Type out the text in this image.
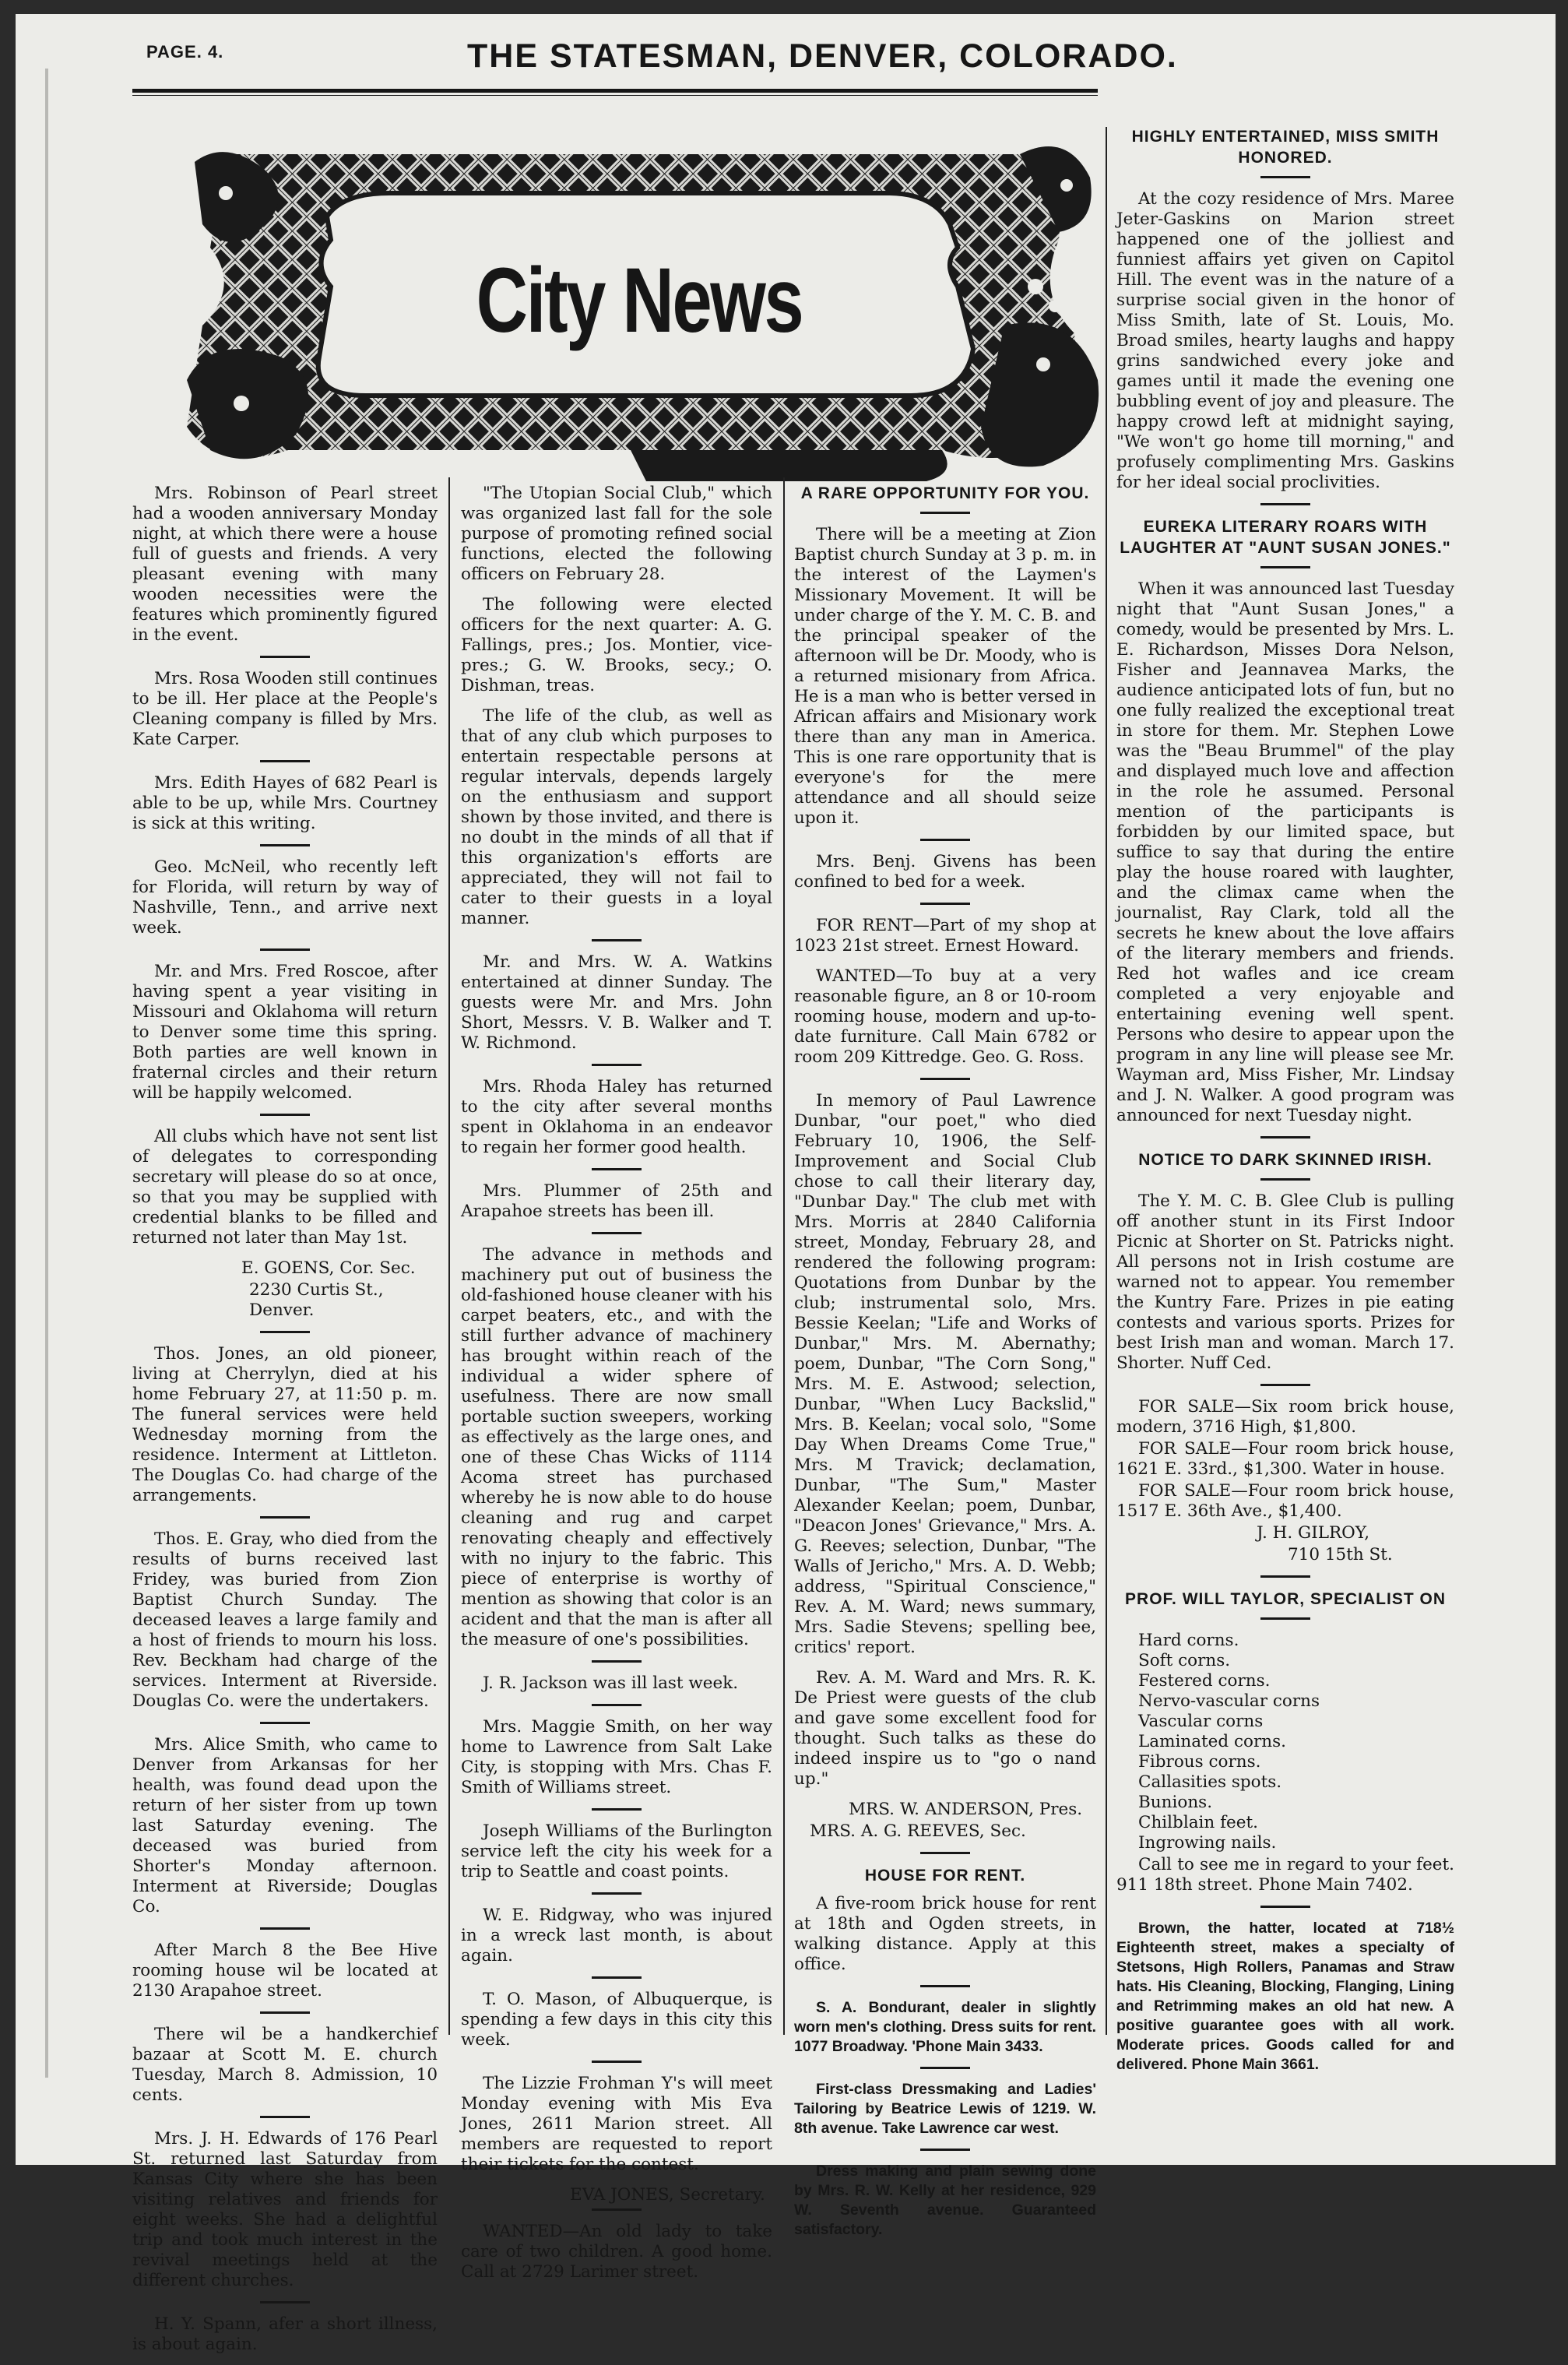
PAGE. 4.	THE STATESMAN, DENVER, COLORADO.
City News

Mrs. Robinson of Pearl street had a wooden anniversary Monday night, at which there were a house full of guests and friends. A very pleasant evening with many wooden necessities were the features which prominently figured in the event.

Mrs. Rosa Wooden still continues to be ill. Her place at the People's Cleaning company is filled by Mrs. Kate Carper.

Mrs. Edith Hayes of 682 Pearl is able to be up, while Mrs. Courtney is sick at this writing.

Geo. McNeil, who recently left for Florida, will return by way of Nashville, Tenn., and arrive next week.

Mr. and Mrs. Fred Roscoe, after having spent a year visiting in Missouri and Oklahoma will return to Denver some time this spring. Both parties are well known in fraternal circles and their return will be happily welcomed.

All clubs which have not sent list of delegates to corresponding secretary will please do so at once, so that you may be supplied with credential blanks to be filled and returned not later than May 1st.

E. GOENS, Cor. Sec.

2230 Curtis St., Denver.

Thos. Jones, an old pioneer, living at Cherrylyn, died at his home February 27, at 11:50 p. m. The funeral services were held Wednesday morning from the residence. Interment at Littleton. The Douglas Co. had charge of the arrangements.

Thos. E. Gray, who died from the results of burns received last Fridey, was buried from Zion Baptist Church Sunday. The deceased leaves a large family and a host of friends to mourn his loss. Rev. Beckham had charge of the services. Interment at Riverside. Douglas Co. were the undertakers.

Mrs. Alice Smith, who came to Denver from Arkansas for her health, was found dead upon the return of her sister from up town last Saturday evening. The deceased was buried from Shorter's Monday afternoon. Interment at Riverside; Douglas Co.

After March 8 the Bee Hive rooming house wil be located at 2130 Arapahoe street.

There wil be a handkerchief bazaar at Scott M. E. church Tuesday, March 8. Admission, 10 cents.

Mrs. J. H. Edwards of 176 Pearl St. returned last Saturday from Kansas City where she has been visiting relatives and friends for eight weeks. She had a delightful trip and took much interest in the revival meetings held at the different churches.

H. Y. Spann, afer a short illness, is about again.

"The Utopian Social Club," which was organized last fall for the sole purpose of promoting refined social functions, elected the following officers on February 28.

The following were elected officers for the next quarter: A. G. Fallings, pres.; Jos. Montier, vice-pres.; G. W. Brooks, secy.; O. Dishman, treas.

The life of the club, as well as that of any club which purposes to entertain respectable persons at regular intervals, depends largely on the enthusiasm and support shown by those invited, and there is no doubt in the minds of all that if this organization's efforts are appreciated, they will not fail to cater to their guests in a loyal manner.

Mr. and Mrs. W. A. Watkins entertained at dinner Sunday. The guests were Mr. and Mrs. John Short, Messrs. V. B. Walker and T. W. Richmond.

Mrs. Rhoda Haley has returned to the city after several months spent in Oklahoma in an endeavor to regain her former good health.

Mrs. Plummer of 25th and Arapahoe streets has been ill.

The advance in methods and machinery put out of business the old-fashioned house cleaner with his carpet beaters, etc., and with the still further advance of machinery has brought within reach of the individual a wider sphere of usefulness. There are now small portable suction sweepers, working as effectively as the large ones, and one of these Chas Wicks of 1114 Acoma street has purchased whereby he is now able to do house cleaning and rug and carpet renovating cheaply and effectively with no injury to the fabric. This piece of enterprise is worthy of mention as showing that color is an acident and that the man is after all the measure of one's possibilities.

J. R. Jackson was ill last week.

Mrs. Maggie Smith, on her way home to Lawrence from Salt Lake City, is stopping with Mrs. Chas F. Smith of Williams street.

Joseph Williams of the Burlington service left the city his week for a trip to Seattle and coast points.

W. E. Ridgway, who was injured in a wreck last month, is about again.

T. O. Mason, of Albuquerque, is spending a few days in this city this week.

The Lizzie Frohman Y's will meet Monday evening with Mis Eva Jones, 2611 Marion street. All members are requested to report their tickets for the contest.

EVA JONES, Secretary.

WANTED—An old lady to take care of two children. A good home. Call at 2729 Larimer street.

A RARE OPPORTUNITY FOR YOU.

There will be a meeting at Zion Baptist church Sunday at 3 p. m. in the interest of the Laymen's Missionary Movement. It will be under charge of the Y. M. C. B. and the principal speaker of the afternoon will be Dr. Moody, who is a returned misionary from Africa. He is a man who is better versed in African affairs and Misionary work there than any man in America. This is one rare opportunity that is everyone's for the mere attendance and all should seize upon it.

Mrs. Benj. Givens has been confined to bed for a week.

FOR RENT—Part of my shop at 1023 21st street. Ernest Howard.

WANTED—To buy at a very reasonable figure, an 8 or 10-room rooming house, modern and up-to-date furniture. Call Main 6782 or room 209 Kittredge. Geo. G. Ross.

In memory of Paul Lawrence Dunbar, "our poet," who died February 10, 1906, the Self-Improvement and Social Club chose to call their literary day, "Dunbar Day." The club met with Mrs. Morris at 2840 California street, Monday, February 28, and rendered the following program: Quotations from Dunbar by the club; instrumental solo, Mrs. Bessie Keelan; "Life and Works of Dunbar," Mrs. M. Abernathy; poem, Dunbar, "The Corn Song," Mrs. M. E. Astwood; selection, Dunbar, "When Lucy Backslid," Mrs. B. Keelan; vocal solo, "Some Day When Dreams Come True," Mrs. M Travick; declamation, Dunbar, "The Sum," Master Alexander Keelan; poem, Dunbar, "Deacon Jones' Grievance," Mrs. A. G. Reeves; selection, Dunbar, "The Walls of Jericho," Mrs. A. D. Webb; address, "Spiritual Conscience," Rev. A. M. Ward; news summary, Mrs. Sadie Stevens; spelling bee, critics' report.

Rev. A. M. Ward and Mrs. R. K. De Priest were guests of the club and gave some excellent food for thought. Such talks as these do indeed inspire us to "go o nand up."

MRS. W. ANDERSON, Pres.

MRS. A. G. REEVES, Sec.

HOUSE FOR RENT.

A five-room brick house for rent at 18th and Ogden streets, in walking distance. Apply at this office.

S. A. Bondurant, dealer in slightly worn men's clothing. Dress suits for rent. 1077 Broadway. 'Phone Main 3433.

First-class Dressmaking and Ladies' Tailoring by Beatrice Lewis of 1219. W. 8th avenue. Take Lawrence car west.

Dress making and plain sewing done by Mrs. R. W. Kelly at her residence, 929 W. Seventh avenue. Guaranteed satisfactory.

HIGHLY ENTERTAINED, MISS SMITH HONORED.

At the cozy residence of Mrs. Maree Jeter-Gaskins on Marion street happened one of the jolliest and funniest affairs yet given on Capitol Hill. The event was in the nature of a surprise social given in the honor of Miss Smith, late of St. Louis, Mo. Broad smiles, hearty laughs and happy grins sandwiched every joke and games until it made the evening one bubbling event of joy and pleasure. The happy crowd left at midnight saying, "We won't go home till morning," and profusely complimenting Mrs. Gaskins for her ideal social proclivities.

EUREKA LITERARY ROARS WITH LAUGHTER AT "AUNT SUSAN JONES."

When it was announced last Tuesday night that "Aunt Susan Jones," a comedy, would be presented by Mrs. L. E. Richardson, Misses Dora Nelson, Fisher and Jeannavea Marks, the audience anticipated lots of fun, but no one fully realized the exceptional treat in store for them. Mr. Stephen Lowe was the "Beau Brummel" of the play and displayed much love and affection in the role he assumed. Personal mention of the participants is forbidden by our limited space, but suffice to say that during the entire play the house roared with laughter, and the climax came when the journalist, Ray Clark, told all the secrets he knew about the love affairs of the literary members and friends. Red hot wafles and ice cream completed a very enjoyable and entertaining evening well spent. Persons who desire to appear upon the program in any line will please see Mr. Wayman ard, Miss Fisher, Mr. Lindsay and J. N. Walker. A good program was announced for next Tuesday night.

NOTICE TO DARK SKINNED IRISH.

The Y. M. C. B. Glee Club is pulling off another stunt in its First Indoor Picnic at Shorter on St. Patricks night. All persons not in Irish costume are warned not to appear. You remember the Kuntry Fare. Prizes in pie eating contests and various sports. Prizes for best Irish man and woman. March 17. Shorter. Nuff Ced.

FOR SALE—Six room brick house, modern, 3716 High, $1,800.

FOR SALE—Four room brick house, 1621 E. 33rd., $1,300. Water in house.

FOR SALE—Four room brick house, 1517 E. 36th Ave., $1,400.

J. H. GILROY,

710 15th St.

PROF. WILL TAYLOR, SPECIALIST ON
Hard corns.
Soft corns.
Festered corns.
Nervo-vascular corns
Vascular corns
Laminated corns.
Fibrous corns.
Callasities spots.
Bunions.
Chilblain feet.
Ingrowing nails.

Call to see me in regard to your feet. 911 18th street. Phone Main 7402.

Brown, the hatter, located at 718½ Eighteenth street, makes a specialty of Stetsons, High Rollers, Panamas and Straw hats. His Cleaning, Blocking, Flanging, Lining and Retrimming makes an old hat new. A positive guarantee goes with all work. Moderate prices. Goods called for and delivered. Phone Main 3661.
